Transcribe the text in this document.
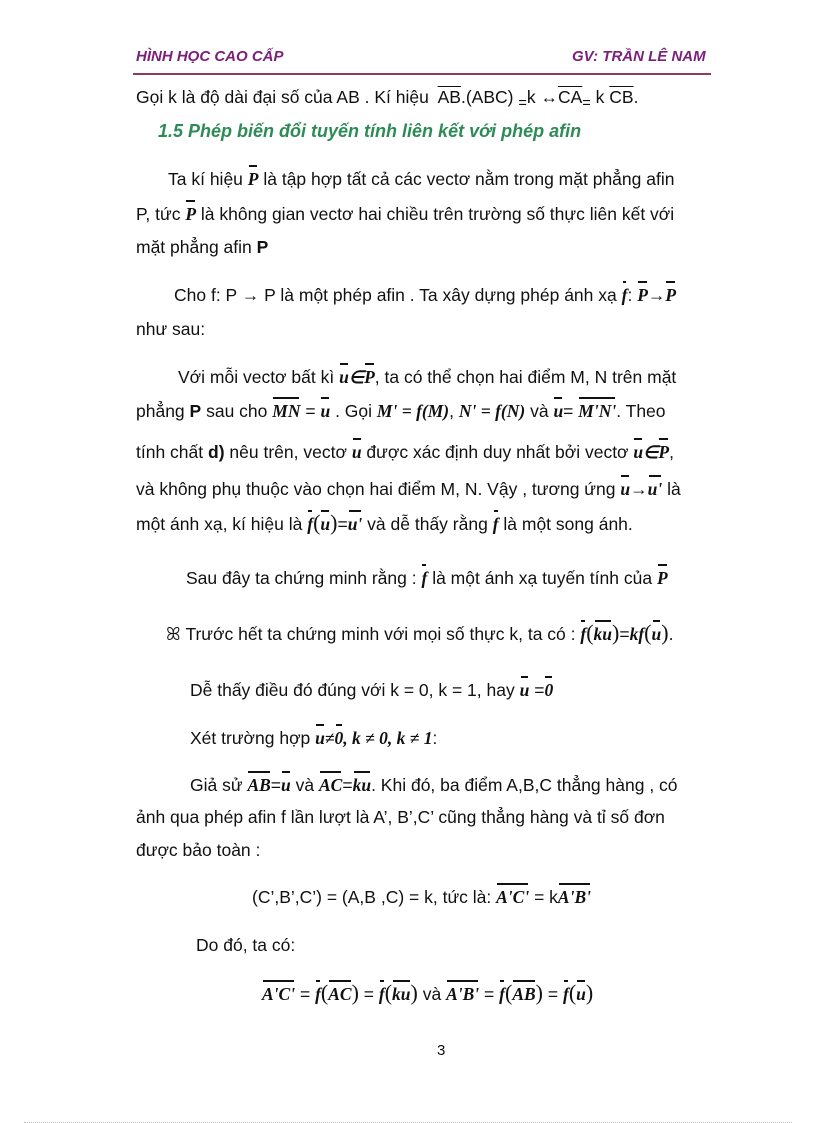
HÌNH HỌC CAO CẤP	GV: TRẦN LÊ NAM
Gọi k là độ dài đại số của AB . Kí hiệu $\overline{AB}.(ABC)$ $_=$k $\leftrightarrow\overline{CA}_=$ k $\overline{CB}$.
1.5 Phép biến đổi tuyến tính liên kết với phép afin
Ta kí hiệu P là tập hợp tất cả các vectơ nằm trong mặt phẳng afin
P, tức P là không gian vectơ hai chiều trên trường số thực liên kết với
mặt phẳng afin P
Cho f: P → P là một phép afin . Ta xây dựng phép ánh xạ f: P→P
như sau:
Với mỗi vectơ bất kì u∈P, ta có thể chọn hai điểm M, N trên mặt
phẳng P sau cho MN = u . Gọi M' = f(M), N' = f(N) và u= M'N'. Theo
tính chất d) nêu trên, vectơ u được xác định duy nhất bởi vectơ u∈P,
và không phụ thuộc vào chọn hai điểm M, N. Vậy , tương ứng u→u' là
một ánh xạ, kí hiệu là f(u)=u' và dễ thấy rằng f là một song ánh.
Sau đây ta chứng minh rằng : f là một ánh xạ tuyến tính của P
ꕤ Trước hết ta chứng minh với mọi số thực k, ta có : f(ku)=kf(u).
Dễ thấy điều đó đúng với k = 0, k = 1, hay u =0
Xét trường hợp u≠0, k ≠ 0, k ≠ 1:
Giả sử AB=u và AC=ku. Khi đó, ba điểm A,B,C thẳng hàng , có
ảnh qua phép afin f lần lượt là A’, B’,C’ cũng thẳng hàng và tỉ số đơn
được bảo toàn :
(C’,B’,C’) = (A,B ,C) = k, tức là: A'C' = kA'B'
Do đó, ta có:
A'C' = f(AC) = f(ku) và A'B' = f(AB) = f(u)
3
